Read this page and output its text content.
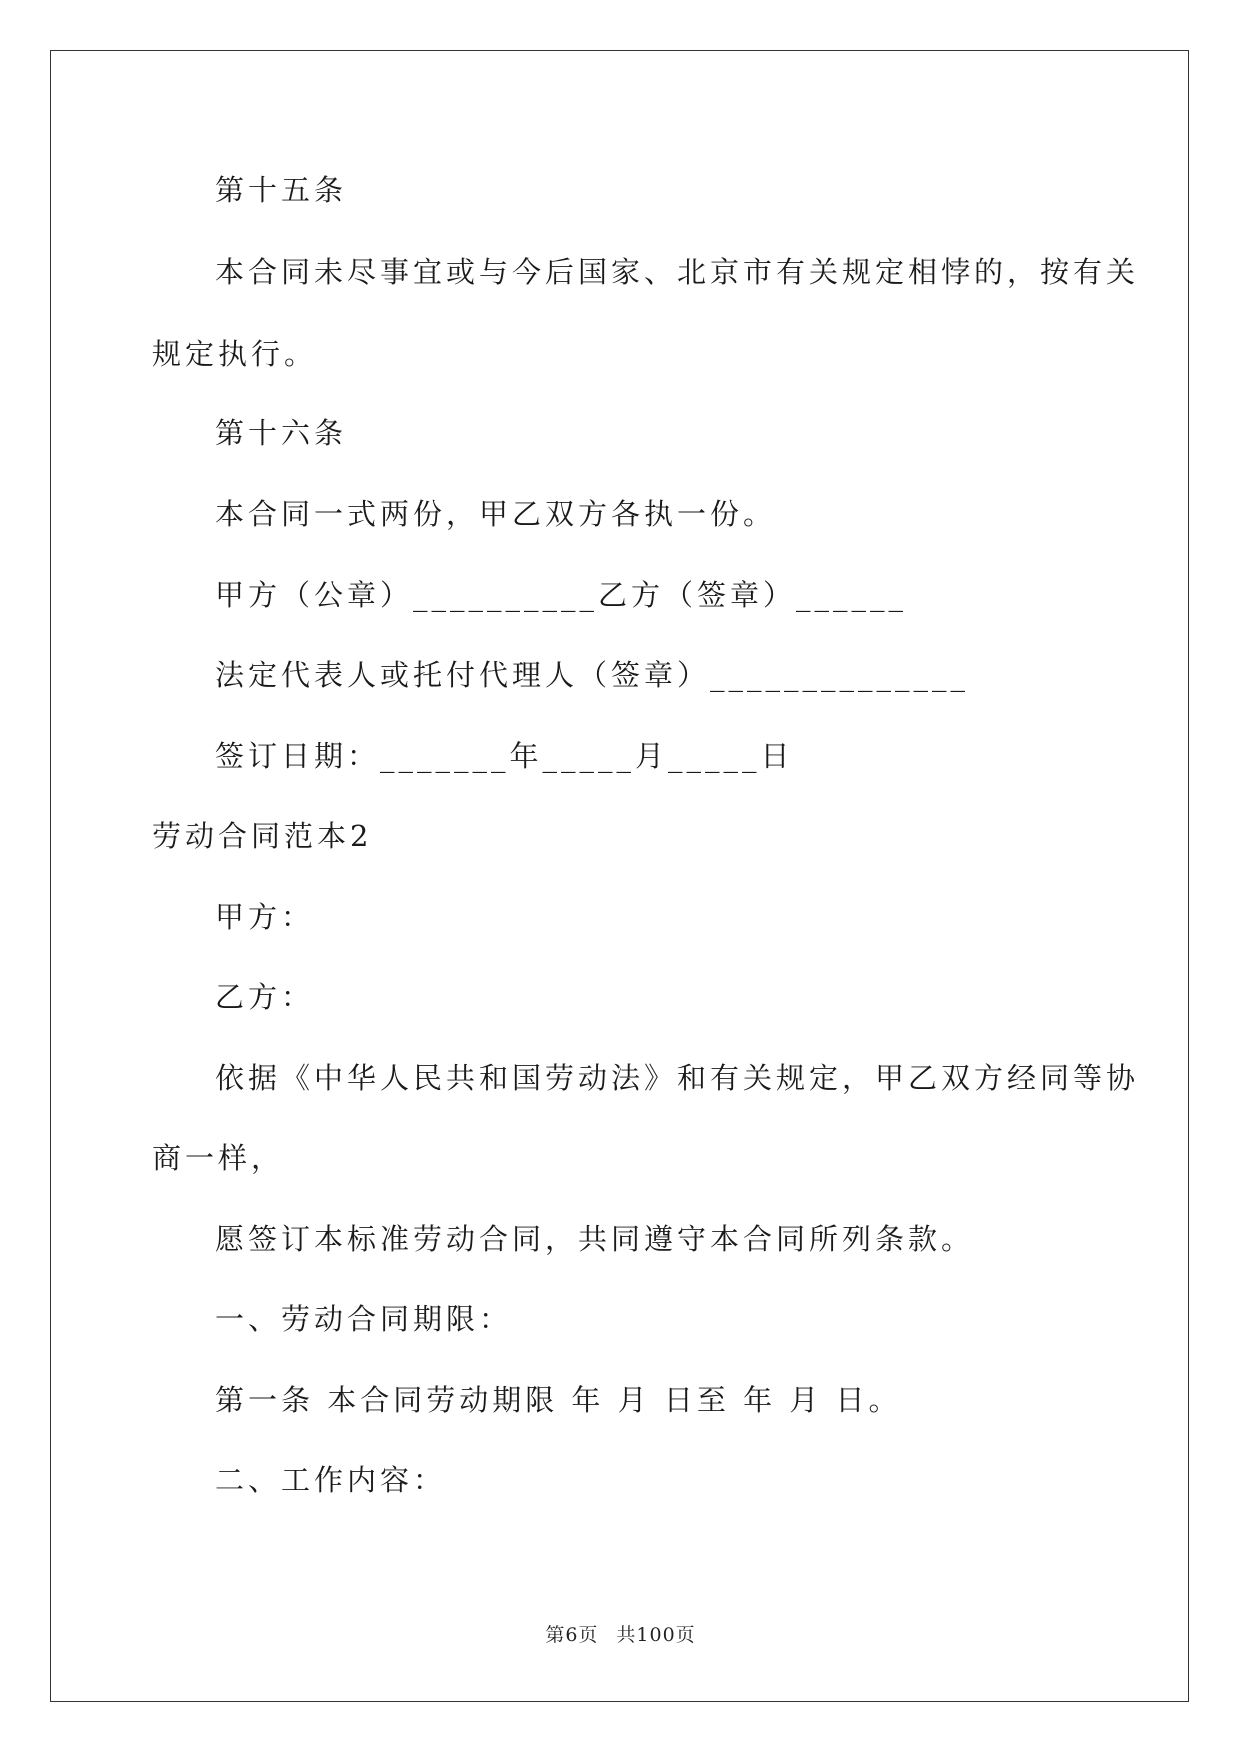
第十五条
本合同未尽事宜或与今后国家、北京市有关规定相悖的，按有关
规定执行。
第十六条
本合同一式两份，甲乙双方各执一份。
甲方（公章）__________乙方（签章）______
法定代表人或托付代理人（签章）______________
签订日期：_______年_____月_____日
劳动合同范本2
甲方：
乙方：
依据《中华人民共和国劳动法》和有关规定，甲乙双方经同等协
商一样，
愿签订本标准劳动合同，共同遵守本合同所列条款。
一、劳动合同期限：
第一条 本合同劳动期限 年 月 日至 年 月 日。
二、工作内容：
第6页 共100页
